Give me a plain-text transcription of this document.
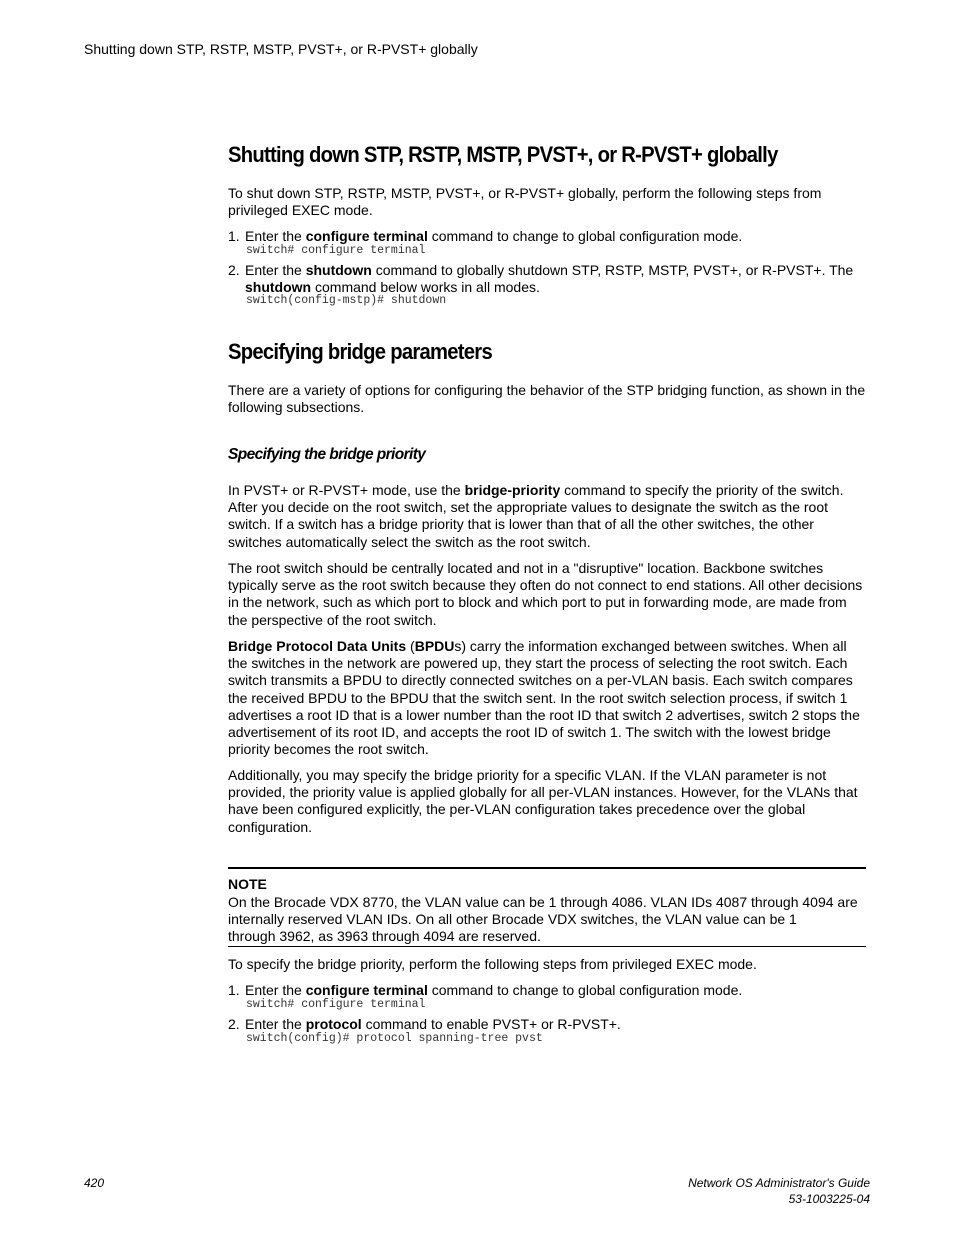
Shutting down STP, RSTP, MSTP, PVST+, or R-PVST+ globally
Shutting down STP, RSTP, MSTP, PVST+, or R-PVST+ globally
To shut down STP, RSTP, MSTP, PVST+, or R-PVST+ globally, perform the following steps from privileged EXEC mode.
1. Enter the configure terminal command to change to global configuration mode.
switch# configure terminal
2. Enter the shutdown command to globally shutdown STP, RSTP, MSTP, PVST+, or R-PVST+. The shutdown command below works in all modes.
switch(config-mstp)# shutdown
Specifying bridge parameters
There are a variety of options for configuring the behavior of the STP bridging function, as shown in the following subsections.
Specifying the bridge priority
In PVST+ or R-PVST+ mode, use the bridge-priority command to specify the priority of the switch. After you decide on the root switch, set the appropriate values to designate the switch as the root switch. If a switch has a bridge priority that is lower than that of all the other switches, the other switches automatically select the switch as the root switch.
The root switch should be centrally located and not in a "disruptive" location. Backbone switches typically serve as the root switch because they often do not connect to end stations. All other decisions in the network, such as which port to block and which port to put in forwarding mode, are made from the perspective of the root switch.
Bridge Protocol Data Units (BPDUs) carry the information exchanged between switches. When all the switches in the network are powered up, they start the process of selecting the root switch. Each switch transmits a BPDU to directly connected switches on a per-VLAN basis. Each switch compares the received BPDU to the BPDU that the switch sent. In the root switch selection process, if switch 1 advertises a root ID that is a lower number than the root ID that switch 2 advertises, switch 2 stops the advertisement of its root ID, and accepts the root ID of switch 1. The switch with the lowest bridge priority becomes the root switch.
Additionally, you may specify the bridge priority for a specific VLAN. If the VLAN parameter is not provided, the priority value is applied globally for all per-VLAN instances. However, for the VLANs that have been configured explicitly, the per-VLAN configuration takes precedence over the global configuration.
NOTE
On the Brocade VDX 8770, the VLAN value can be 1 through 4086. VLAN IDs 4087 through 4094 are
internally reserved VLAN IDs. On all other Brocade VDX switches, the VLAN value can be 1
through 3962, as 3963 through 4094 are reserved.
To specify the bridge priority, perform the following steps from privileged EXEC mode.
1. Enter the configure terminal command to change to global configuration mode.
switch# configure terminal
2. Enter the protocol command to enable PVST+ or R-PVST+.
switch(config)# protocol spanning-tree pvst
420	Network OS Administrator's Guide
53-1003225-04
